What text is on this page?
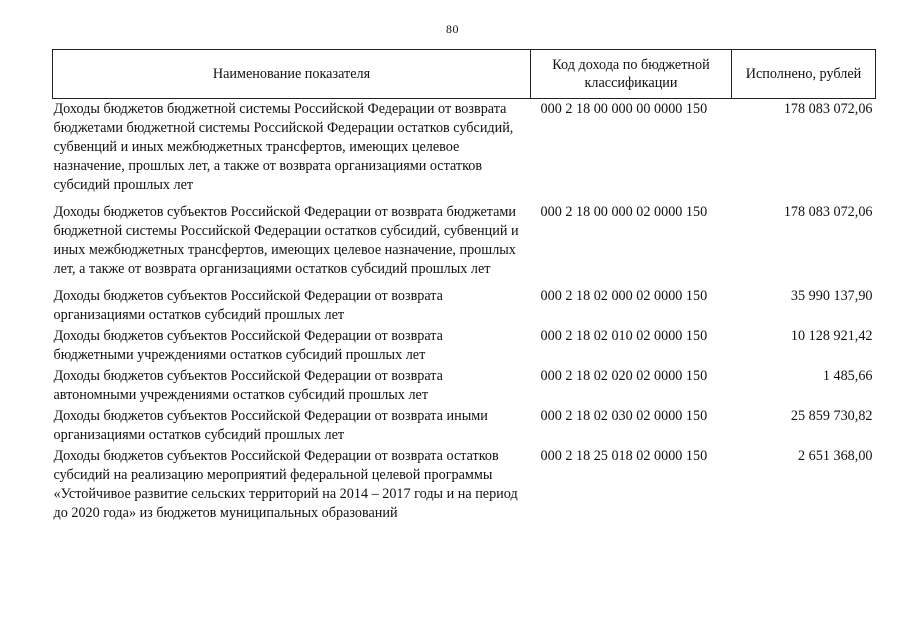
80
Наименование показателя	Код дохода по бюджетной классификации	Исполнено, рублей
Доходы бюджетов бюджетной системы Российской Федерации от возврата бюджетами бюджетной системы Российской Федерации остатков субсидий, субвенций и иных межбюджетных трансфертов, имеющих целевое назначение, прошлых лет, а также от возврата организациями остатков субсидий прошлых лет	000 2 18 00 000 00 0000 150	178 083 072,06
Доходы бюджетов субъектов Российской Федерации от возврата бюджетами бюджетной системы Российской Федерации остатков субсидий, субвенций и иных межбюджетных трансфертов, имеющих целевое назначение, прошлых лет, а также от возврата организациями остатков субсидий прошлых лет	000 2 18 00 000 02 0000 150	178 083 072,06
Доходы бюджетов субъектов Российской Федерации от возврата организациями остатков субсидий прошлых лет	000 2 18 02 000 02 0000 150	35 990 137,90
Доходы бюджетов субъектов Российской Федерации от возврата бюджетными учреждениями остатков субсидий прошлых лет	000 2 18 02 010 02 0000 150	10 128 921,42
Доходы бюджетов субъектов Российской Федерации от возврата автономными учреждениями остатков субсидий прошлых лет	000 2 18 02 020 02 0000 150	1 485,66
Доходы бюджетов субъектов Российской Федерации от возврата иными организациями остатков субсидий прошлых лет	000 2 18 02 030 02 0000 150	25 859 730,82
Доходы бюджетов субъектов Российской Федерации от возврата остатков субсидий на реализацию мероприятий федеральной целевой программы «Устойчивое развитие сельских территорий на 2014 – 2017 годы и на период до 2020 года» из бюджетов муниципальных образований	000 2 18 25 018 02 0000 150	2 651 368,00
